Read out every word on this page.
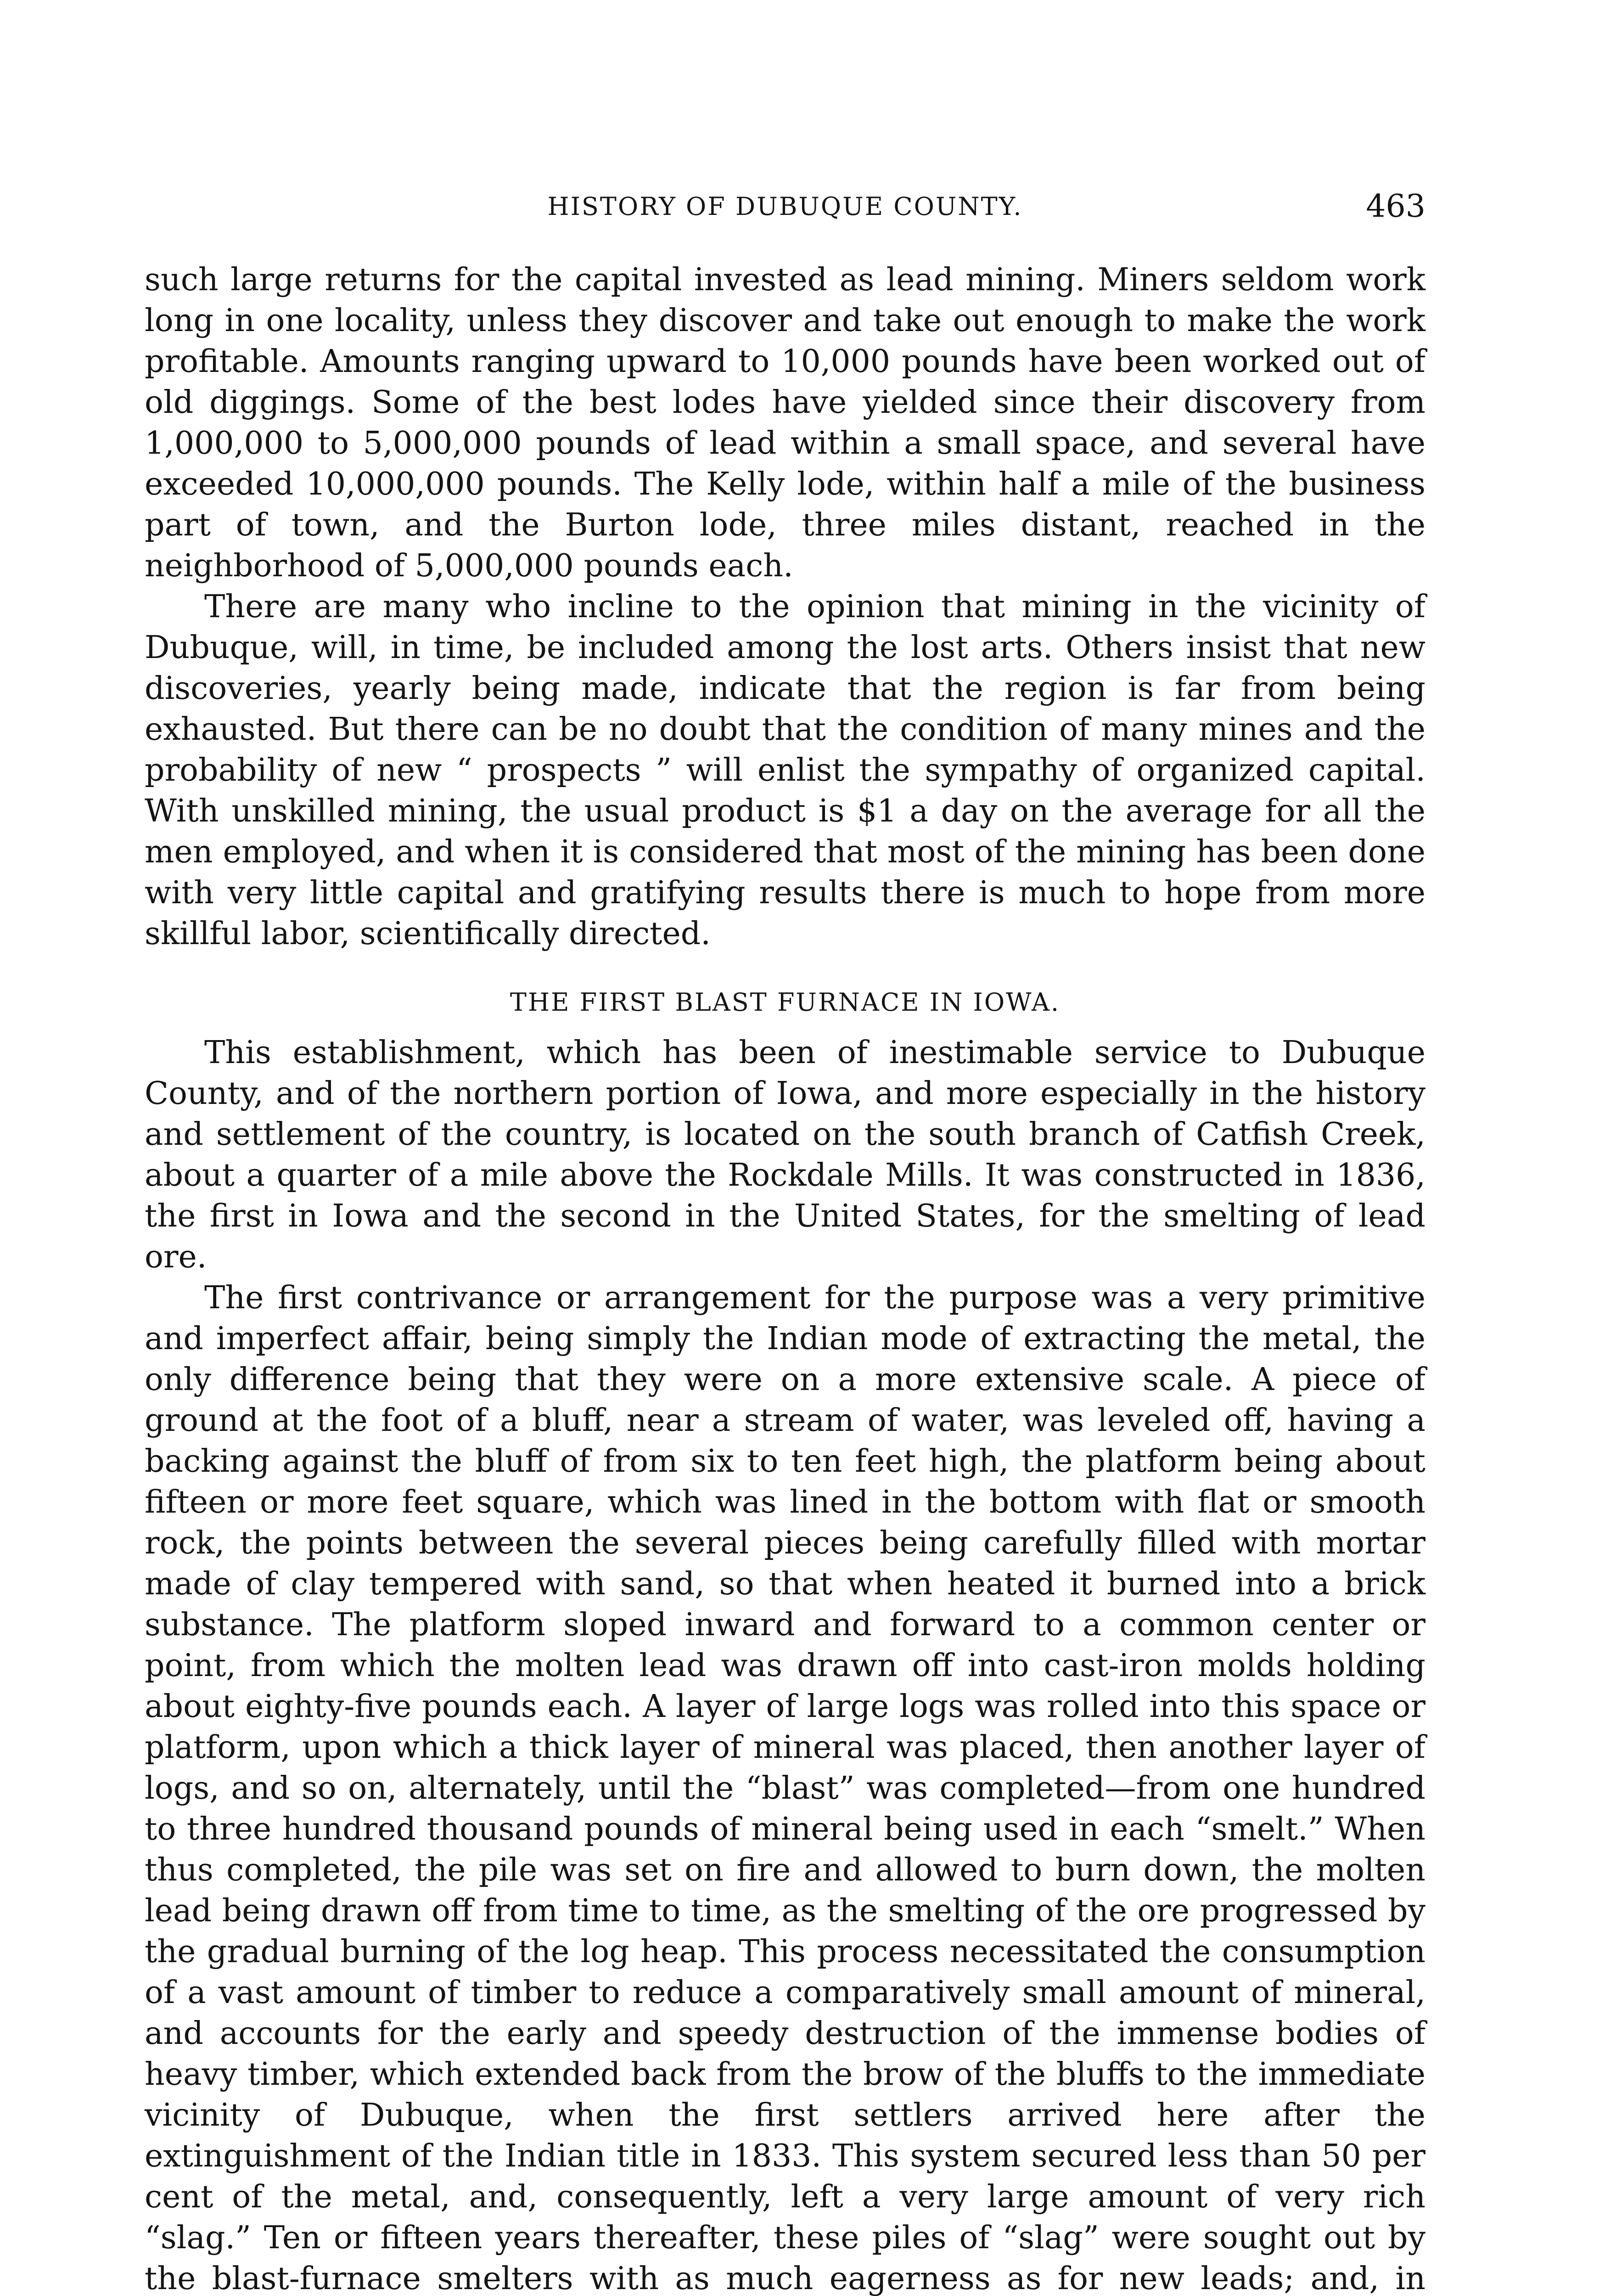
HISTORY OF DUBUQUE COUNTY.	463

such large returns for the capital invested as lead mining. Miners seldom work long in one locality, unless they discover and take out enough to make the work profitable. Amounts ranging upward to 10,000 pounds have been worked out of old diggings. Some of the best lodes have yielded since their discovery from 1,000,000 to 5,000,000 pounds of lead within a small space, and several have exceeded 10,000,000 pounds. The Kelly lode, within half a mile of the business part of town, and the Burton lode, three miles distant, reached in the neighborhood of 5,000,000 pounds each.

There are many who incline to the opinion that mining in the vicinity of Dubuque, will, in time, be included among the lost arts. Others insist that new discoveries, yearly being made, indicate that the region is far from being exhausted. But there can be no doubt that the condition of many mines and the probability of new “ prospects ” will enlist the sympathy of organized capital. With unskilled mining, the usual product is $1 a day on the average for all the men employed, and when it is considered that most of the mining has been done with very little capital and gratifying results there is much to hope from more skillful labor, scientifically directed.

THE FIRST BLAST FURNACE IN IOWA.

This establishment, which has been of inestimable service to Dubuque County, and of the northern portion of Iowa, and more especially in the history and settlement of the country, is located on the south branch of Catfish Creek, about a quarter of a mile above the Rockdale Mills. It was constructed in 1836, the first in Iowa and the second in the United States, for the smelting of lead ore.

The first contrivance or arrangement for the purpose was a very primitive and imperfect affair, being simply the Indian mode of extracting the metal, the only difference being that they were on a more extensive scale. A piece of ground at the foot of a bluff, near a stream of water, was leveled off, having a backing against the bluff of from six to ten feet high, the platform being about fifteen or more feet square, which was lined in the bottom with flat or smooth rock, the points between the several pieces being carefully filled with mortar made of clay tempered with sand, so that when heated it burned into a brick substance. The platform sloped inward and forward to a common center or point, from which the molten lead was drawn off into cast-iron molds holding about eighty-five pounds each. A layer of large logs was rolled into this space or platform, upon which a thick layer of mineral was placed, then another layer of logs, and so on, alternately, until the “blast” was completed—from one hundred to three hundred thousand pounds of mineral being used in each “smelt.” When thus completed, the pile was set on fire and allowed to burn down, the molten lead being drawn off from time to time, as the smelting of the ore progressed by the gradual burning of the log heap. This process necessitated the consumption of a vast amount of timber to reduce a comparatively small amount of mineral, and accounts for the early and speedy destruction of the immense bodies of heavy timber, which extended back from the brow of the bluffs to the immediate vicinity of Dubuque, when the first settlers arrived here after the extinguishment of the Indian title in 1833. This system secured less than 50 per cent of the metal, and, consequently, left a very large amount of very rich “slag.” Ten or fifteen years thereafter, these piles of “slag” were sought out by the blast-furnace smelters with as much eagerness as for new leads; and, in
